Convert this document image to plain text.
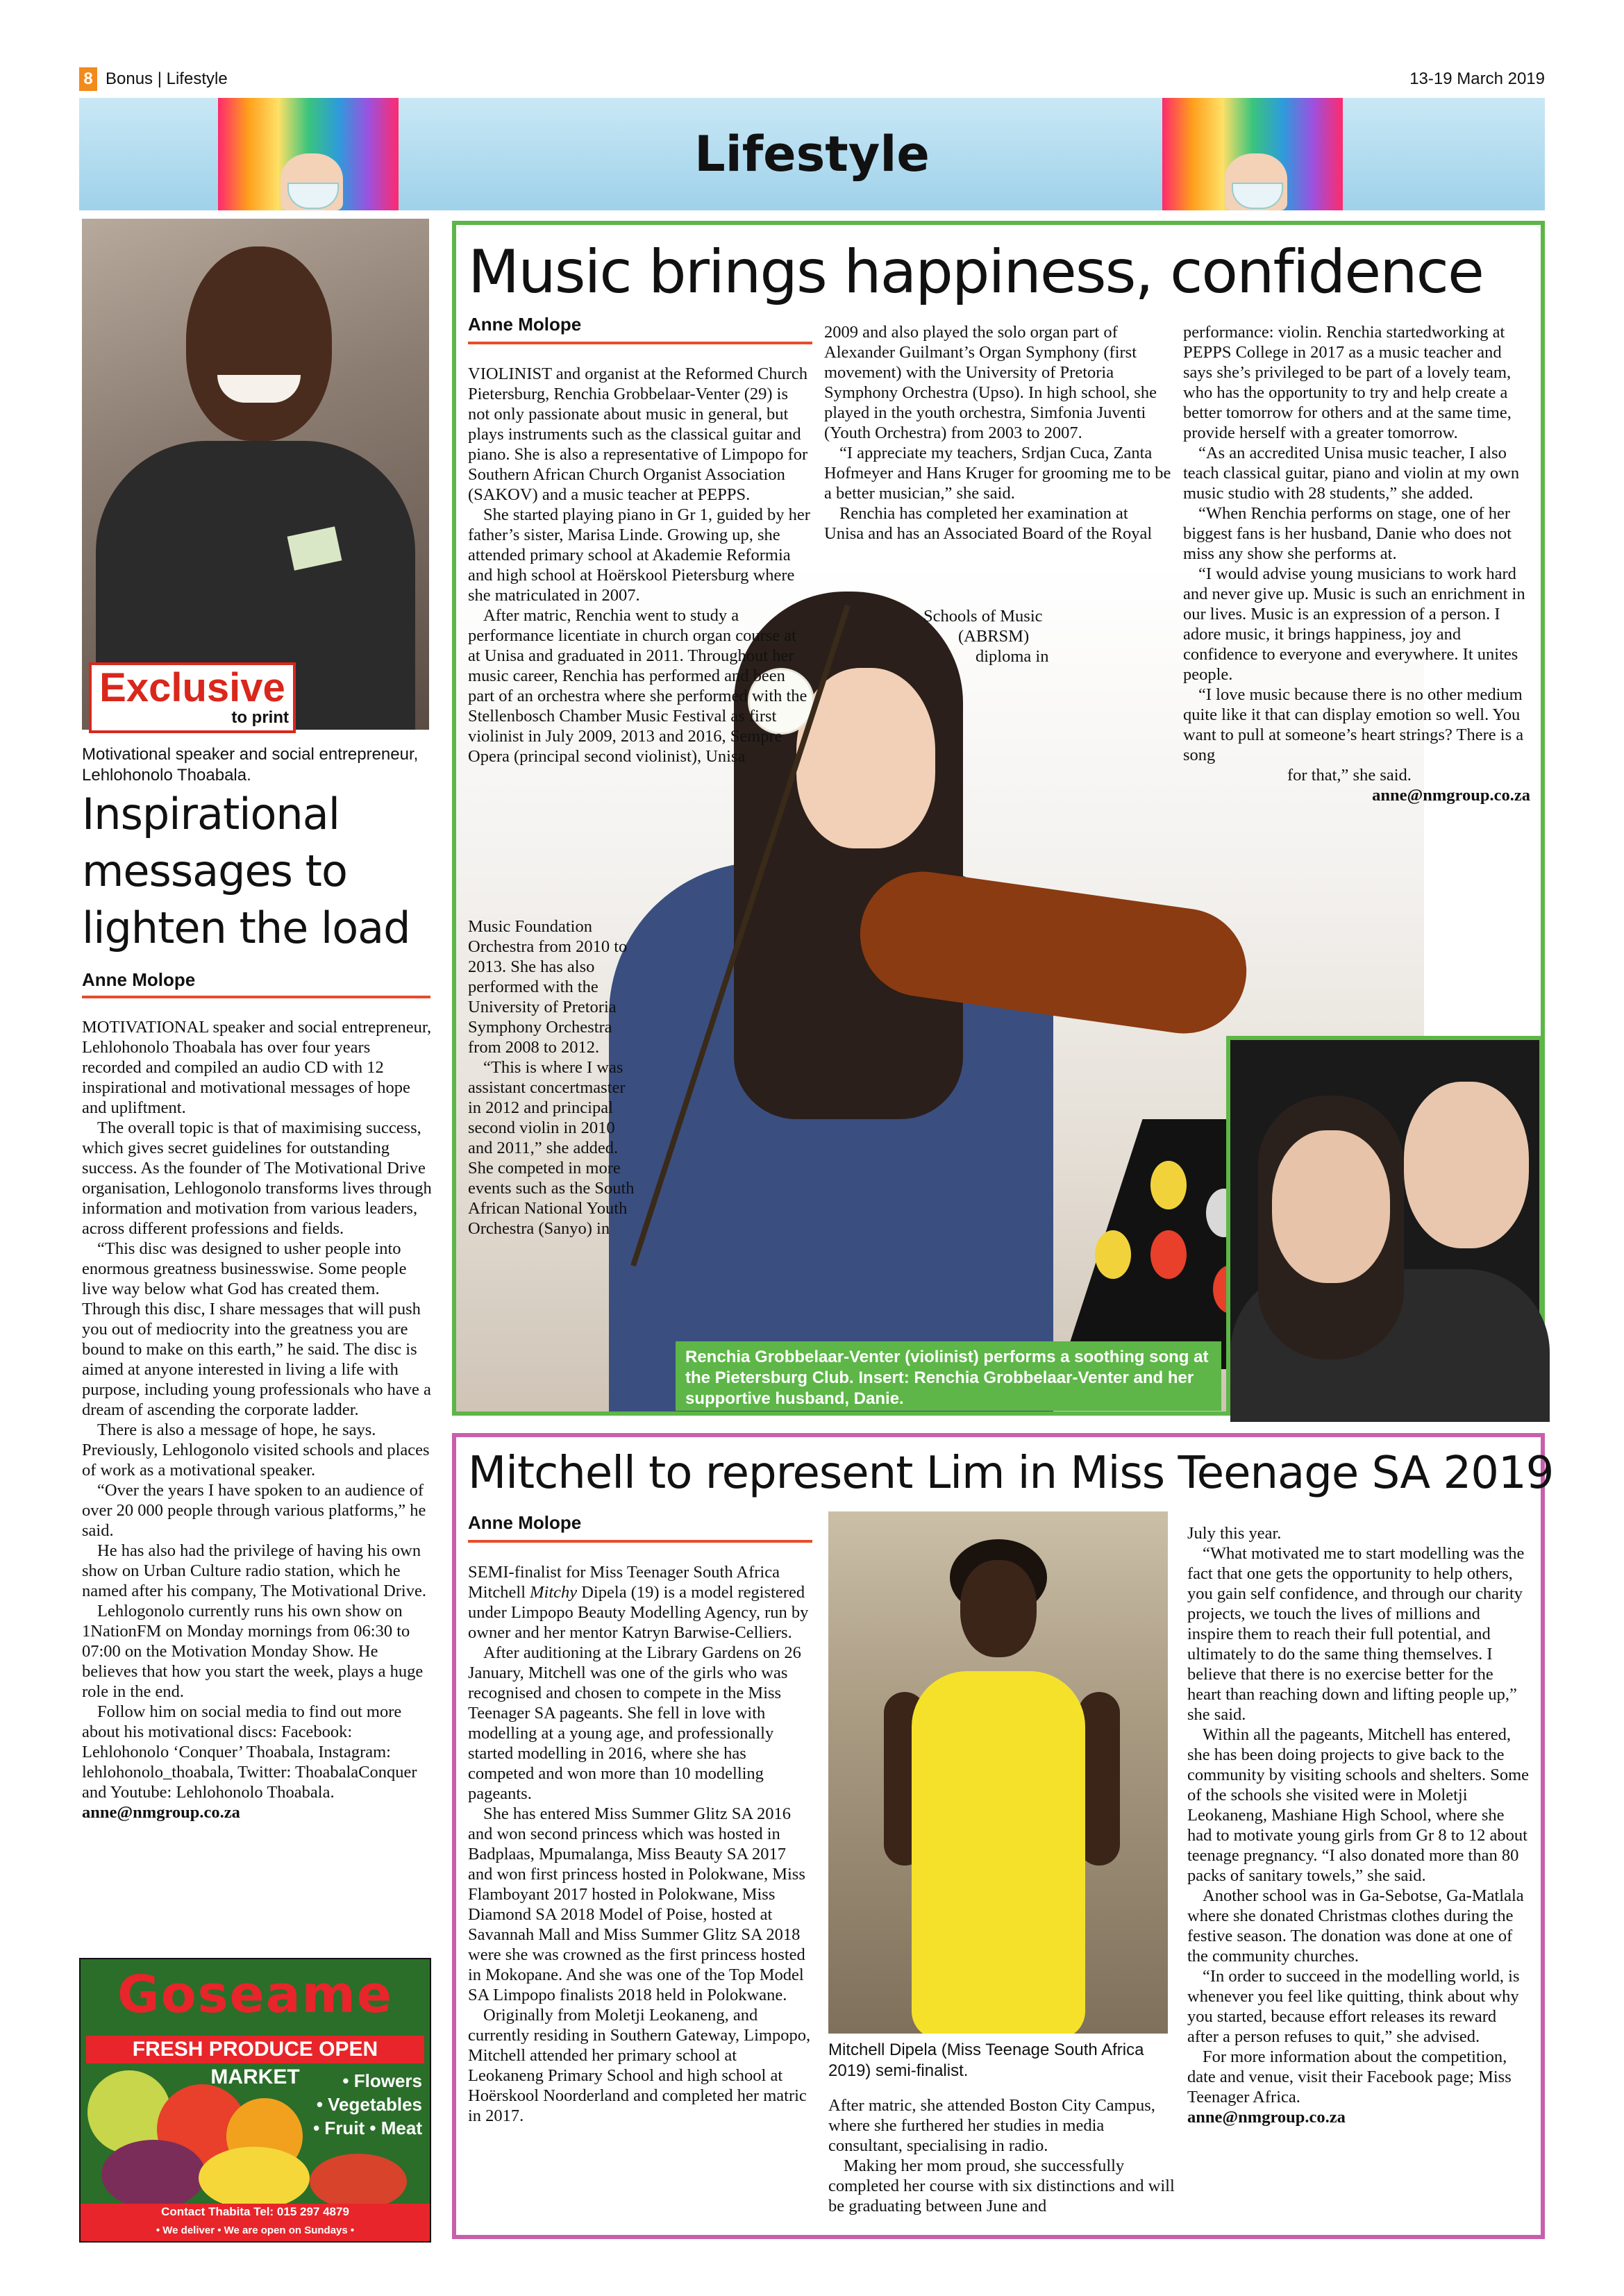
8 Bonus | Lifestyle	13-19 March 2019
Lifestyle
Exclusive
to print
Motivational speaker and social entrepreneur, Lehlohonolo Thoabala.
Inspirational
messages to
lighten the load
Anne Molope

MOTIVATIONAL speaker and social entrepreneur, Lehlohonolo Thoabala has over four years recorded and compiled an audio CD with 12 inspirational and motivational messages of hope and upliftment.

The overall topic is that of maximising success, which gives secret guidelines for outstanding success. As the founder of The Motivational Drive organisation, Lehlogonolo transforms lives through information and motivation from various leaders, across different professions and fields.

“This disc was designed to usher people into enormous greatness businesswise. Some people live way below what God has created them. Through this disc, I share messages that will push you out of mediocrity into the greatness you are bound to make on this earth,” he said. The disc is aimed at anyone interested in living a life with purpose, including young professionals who have a dream of ascending the corporate ladder.

There is also a message of hope, he says. Previously, Lehlogonolo visited schools and places of work as a motivational speaker.

“Over the years I have spoken to an audience of over 20 000 people through various platforms,” he said.

He has also had the privilege of having his own show on Urban Culture radio station, which he named after his company, The Motivational Drive.

Lehlogonolo currently runs his own show on 1NationFM on Monday mornings from 06:30 to 07:00 on the Motivation Monday Show. He believes that how you start the week, plays a huge role in the end.

Follow him on social media to find out more about his motivational discs: Facebook: Lehlohonolo ‘Conquer’ Thoabala, Instagram: lehlohonolo_thoabala, Twitter: ThoabalaConquer and Youtube: Lehlohonolo Thoabala.

anne@nmgroup.co.za

Goseame
FRESH PRODUCE OPEN MARKET	• Flowers
• Vegetables
• Fruit • Meat
Contact Thabita Tel: 015 297 4879
• We deliver • We are open on Sundays •
Music brings happiness, confidence
Anne Molope

VIOLINIST and organist at the Reformed Church Pietersburg, Renchia Grobbelaar-Venter (29) is not only passionate about music in general, but plays instruments such as the classical guitar and piano. She is also a representative of Limpopo for Southern African Church Organist Association (SAKOV) and a music teacher at PEPPS.

She started playing piano in Gr 1, guided by her father’s sister, Marisa Linde. Growing up, she attended primary school at Akademie Reformia and high school at Hoërskool Pietersburg where she matriculated in 2007.

After matric, Renchia went to study a performance licentiate in church organ course at at Unisa and graduated in 2011. Throughout her music career, Renchia has performed and been part of an orchestra where she performed with the Stellenbosch Chamber Music Festival as first violinist in July 2009, 2013 and 2016, Sempre Opera (principal second violinist), Unisa

Music Foundation Orchestra from 2010 to 2013. She has also performed with the University of Pretoria Symphony Orchestra from 2008 to 2012.

“This is where I was assistant concertmaster in 2012 and principal second violin in 2010 and 2011,” she added. She competed in more events such as the South African National Youth Orchestra (Sanyo) in

2009 and also played the solo organ part of Alexander Guilmant’s Organ Symphony (first movement) with the University of Pretoria Symphony Orchestra (Upso). In high school, she played in the youth orchestra, Simfonia Juventi (Youth Orchestra) from 2003 to 2007.

“I appreciate my teachers, Srdjan Cuca, Zanta Hofmeyer and Hans Kruger for grooming me to be a better musician,” she said.

Renchia has completed her examination at Unisa and has an Associated Board of the Royal

Schools of Music
(ABRSM)
diploma in

performance: violin. Renchia startedworking at PEPPS College in 2017 as a music teacher and says she’s privileged to be part of a lovely team, who has the opportunity to try and help create a better tomorrow for others and at the same time, provide herself with a greater tomorrow.

“As an accredited Unisa music teacher, I also teach classical guitar, piano and violin at my own music studio with 28 students,” she added.

“When Renchia performs on stage, one of her biggest fans is her husband, Danie who does not miss any show she performs at.

“I would advise young musicians to work hard and never give up. Music is such an enrichment in our lives. Music is an expression of a person. I adore music, it brings happiness, joy and confidence to everyone and everywhere. It unites people.

“I love music because there is no other medium quite like it that can display emotion so well. You want to pull at someone’s heart strings? There is a song

for that,” she said.

anne@nmgroup.co.za

Renchia Grobbelaar-Venter (violinist) performs a soothing song at the Pietersburg Club. Insert: Renchia Grobbelaar-Venter and her supportive husband, Danie.
Mitchell to represent Lim in Miss Teenage SA 2019
Anne Molope

SEMI-finalist for Miss Teenager South Africa Mitchell Mitchy Dipela (19) is a model registered under Limpopo Beauty Modelling Agency, run by owner and her mentor Katryn Barwise-Celliers.

After auditioning at the Library Gardens on 26 January, Mitchell was one of the girls who was recognised and chosen to compete in the Miss Teenager SA pageants. She fell in love with modelling at a young age, and professionally started modelling in 2016, where she has competed and won more than 10 modelling pageants.

She has entered Miss Summer Glitz SA 2016 and won second princess which was hosted in Badplaas, Mpumalanga, Miss Beauty SA 2017 and won first princess hosted in Polokwane, Miss Flamboyant 2017 hosted in Polokwane, Miss Diamond SA 2018 Model of Poise, hosted at Savannah Mall and Miss Summer Glitz SA 2018 were she was crowned as the first princess hosted in Mokopane. And she was one of the Top Model SA Limpopo finalists 2018 held in Polokwane.

Originally from Moletji Leokaneng, and currently residing in Southern Gateway, Limpopo, Mitchell attended her primary school at Leokaneng Primary School and high school at Hoërskool Noorderland and completed her matric in 2017.

Mitchell Dipela (Miss Teenage South Africa 2019) semi-finalist.

After matric, she attended Boston City Campus, where she furthered her studies in media consultant, specialising in radio.

Making her mom proud, she successfully completed her course with six distinctions and will be graduating between June and

July this year.

“What motivated me to start modelling was the fact that one gets the opportunity to help others, you gain self confidence, and through our charity projects, we touch the lives of millions and inspire them to reach their full potential, and ultimately to do the same thing themselves. I believe that there is no exercise better for the heart than reaching down and lifting people up,” she said.

Within all the pageants, Mitchell has entered, she has been doing projects to give back to the community by visiting schools and shelters. Some of the schools she visited were in Moletji Leokaneng, Mashiane High School, where she had to motivate young girls from Gr 8 to 12 about teenage pregnancy. “I also donated more than 80 packs of sanitary towels,” she said.

Another school was in Ga-Sebotse, Ga-Matlala where she donated Christmas clothes during the festive season. The donation was done at one of the community churches.

“In order to succeed in the modelling world, is whenever you feel like quitting, think about why you started, because effort releases its reward after a person refuses to quit,” she advised.

For more information about the competition, date and venue, visit their Facebook page; Miss Teenager Africa.

anne@nmgroup.co.za
